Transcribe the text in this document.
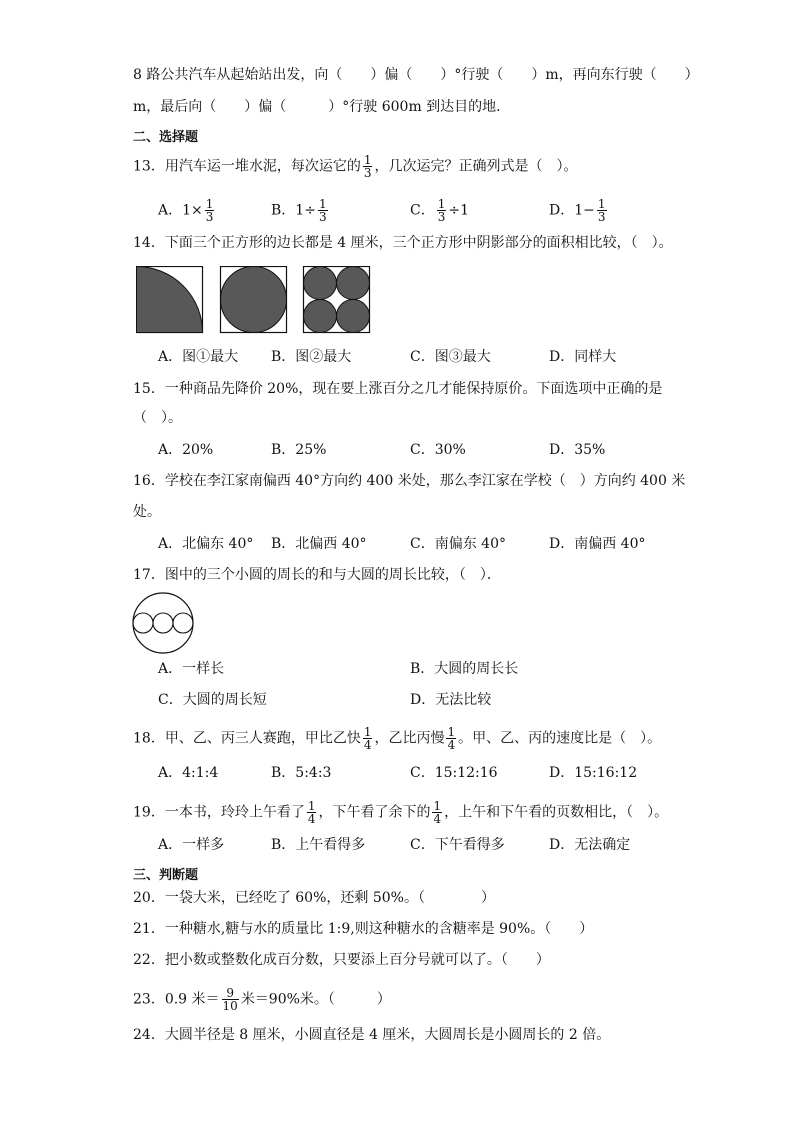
8 路公共汽车从起始站出发，向（　　）偏（　　）°行驶（　　）m，再向东行驶（　　）
m，最后向（　　）偏（　　　）°行驶 600m 到达目的地．
二、选择题
13．用汽车运一堆水泥，每次运它的 $\frac{1}{3}$ ，几次运完？正确列式是（　）。
A．$1\times \frac{1}{3}$	B．$1\div \frac{1}{3}$	C． $\frac{1}{3} \div 1$	D．$1- \frac{1}{3}$
14．下面三个正方形的边长都是 4 厘米，三个正方形中阴影部分的面积相比较，（　）。
A．图①最大 B．图②最大	C．图③最大	D．同样大
15．一种商品先降价 20%，现在要上涨百分之几才能保持原价。下面选项中正确的是
（　）。
A．20%	B．25%	C．30%	D．35%
16．学校在李江家南偏西 40°方向约 400 米处，那么李江家在学校（　）方向约 400 米
处。
A．北偏东 40° B．北偏西 40°	C．南偏东 40°	D．南偏西 40°
17．图中的三个小圆的周长的和与大圆的周长比较，（　）．
A．一样长	B．大圆的周长长
C．大圆的周长短	D．无法比较
18．甲、乙、丙三人赛跑，甲比乙快 $\frac{1}{4}$ ，乙比丙慢 $\frac{1}{4}$ 。甲、乙、丙的速度比是（　）。
A．4:1:4	B．5:4:3	C．15:12:16	D．15:16:12
19．一本书，玲玲上午看了 $\frac{1}{4}$ ，下午看了余下的 $\frac{1}{4}$ ，上午和下午看的页数相比，（　）。
A．一样多	B．上午看得多	C．下午看得多	D．无法确定
三、判断题
20．一袋大米，已经吃了 60%，还剩 50%。（　　　　）
21．一种糖水,糖与水的质量比 1:9,则这种糖水的含糖率是 90%。（　　）
22．把小数或整数化成百分数，只要添上百分号就可以了。（　　）
23．0.9 米＝ $\frac{9}{10}$ 米＝90%米。（　　　）
24．大圆半径是 8 厘米，小圆直径是 4 厘米，大圆周长是小圆周长的 2 倍。
